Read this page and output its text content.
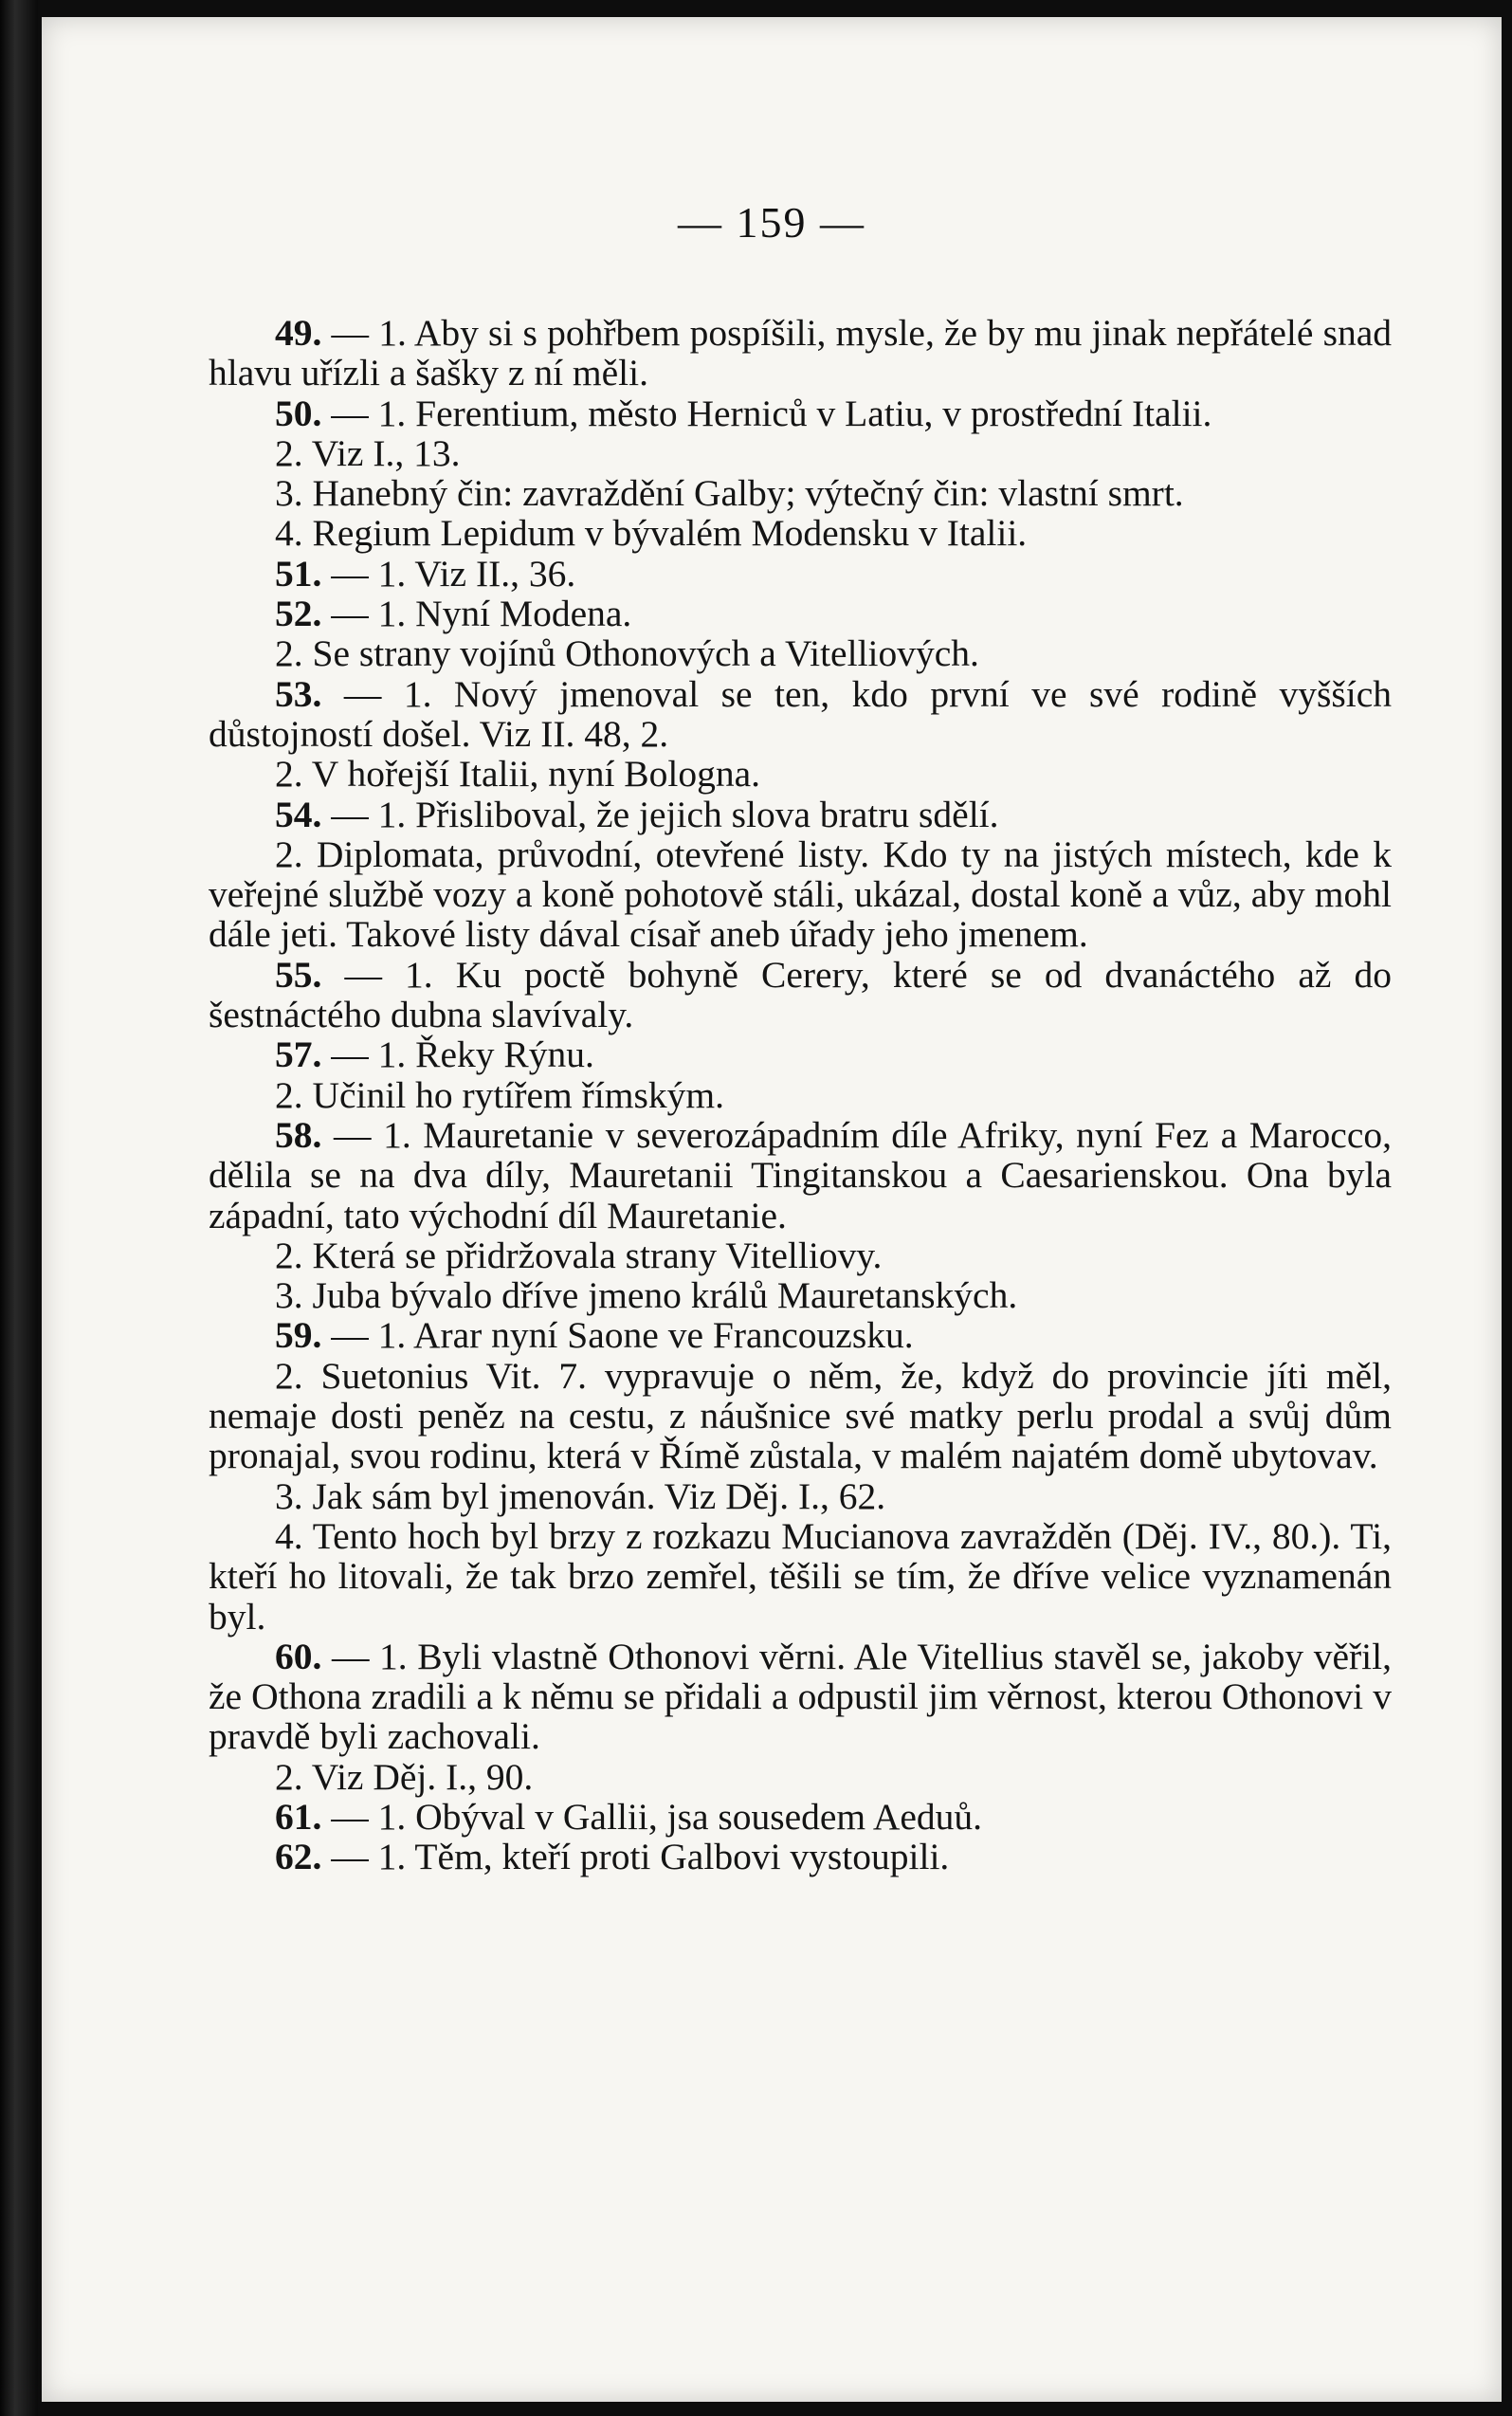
— 159 —

49. — 1. Aby si s pohřbem pospíšili, mysle, že by mu jinak nepřátelé snad hlavu uřízli a šašky z ní měli.

50. — 1. Ferentium, město Herniců v Latiu, v prostřední Italii.

2. Viz I., 13.

3. Hanebný čin: zavraždění Galby; výtečný čin: vlastní smrt.

4. Regium Lepidum v bývalém Modensku v Italii.

51. — 1. Viz II., 36.

52. — 1. Nyní Modena.

2. Se strany vojínů Othonových a Vitelliových.

53. — 1. Nový jmenoval se ten, kdo první ve své rodině vyšších důstojností došel. Viz II. 48, 2.

2. V hořejší Italii, nyní Bologna.

54. — 1. Přisliboval, že jejich slova bratru sdělí.

2. Diplomata, průvodní, otevřené listy. Kdo ty na jistých místech, kde k veřejné službě vozy a koně pohotově stáli, ukázal, dostal koně a vůz, aby mohl dále jeti. Takové listy dával císař aneb úřady jeho jmenem.

55. — 1. Ku poctě bohyně Cerery, které se od dvanáctého až do šestnáctého dubna slavívaly.

57. — 1. Řeky Rýnu.

2. Učinil ho rytířem římským.

58. — 1. Mauretanie v severozápadním díle Afriky, nyní Fez a Marocco, dělila se na dva díly, Mauretanii Tingitanskou a Caesarienskou. Ona byla západní, tato východní díl Mauretanie.

2. Která se přidržovala strany Vitelliovy.

3. Juba bývalo dříve jmeno králů Mauretanských.

59. — 1. Arar nyní Saone ve Francouzsku.

2. Suetonius Vit. 7. vypravuje o něm, že, když do provincie jíti měl, nemaje dosti peněz na cestu, z náušnice své matky perlu prodal a svůj dům pronajal, svou rodinu, která v Římě zůstala, v malém najatém domě ubytovav.

3. Jak sám byl jmenován. Viz Děj. I., 62.

4. Tento hoch byl brzy z rozkazu Mucianova zavražděn (Děj. IV., 80.). Ti, kteří ho litovali, že tak brzo zemřel, těšili se tím, že dříve velice vyznamenán byl.

60. — 1. Byli vlastně Othonovi věrni. Ale Vitellius stavěl se, jakoby věřil, že Othona zradili a k němu se přidali a odpustil jim věrnost, kterou Othonovi v pravdě byli zachovali.

2. Viz Děj. I., 90.

61. — 1. Obýval v Gallii, jsa sousedem Aeduů.

62. — 1. Těm, kteří proti Galbovi vystoupili.
